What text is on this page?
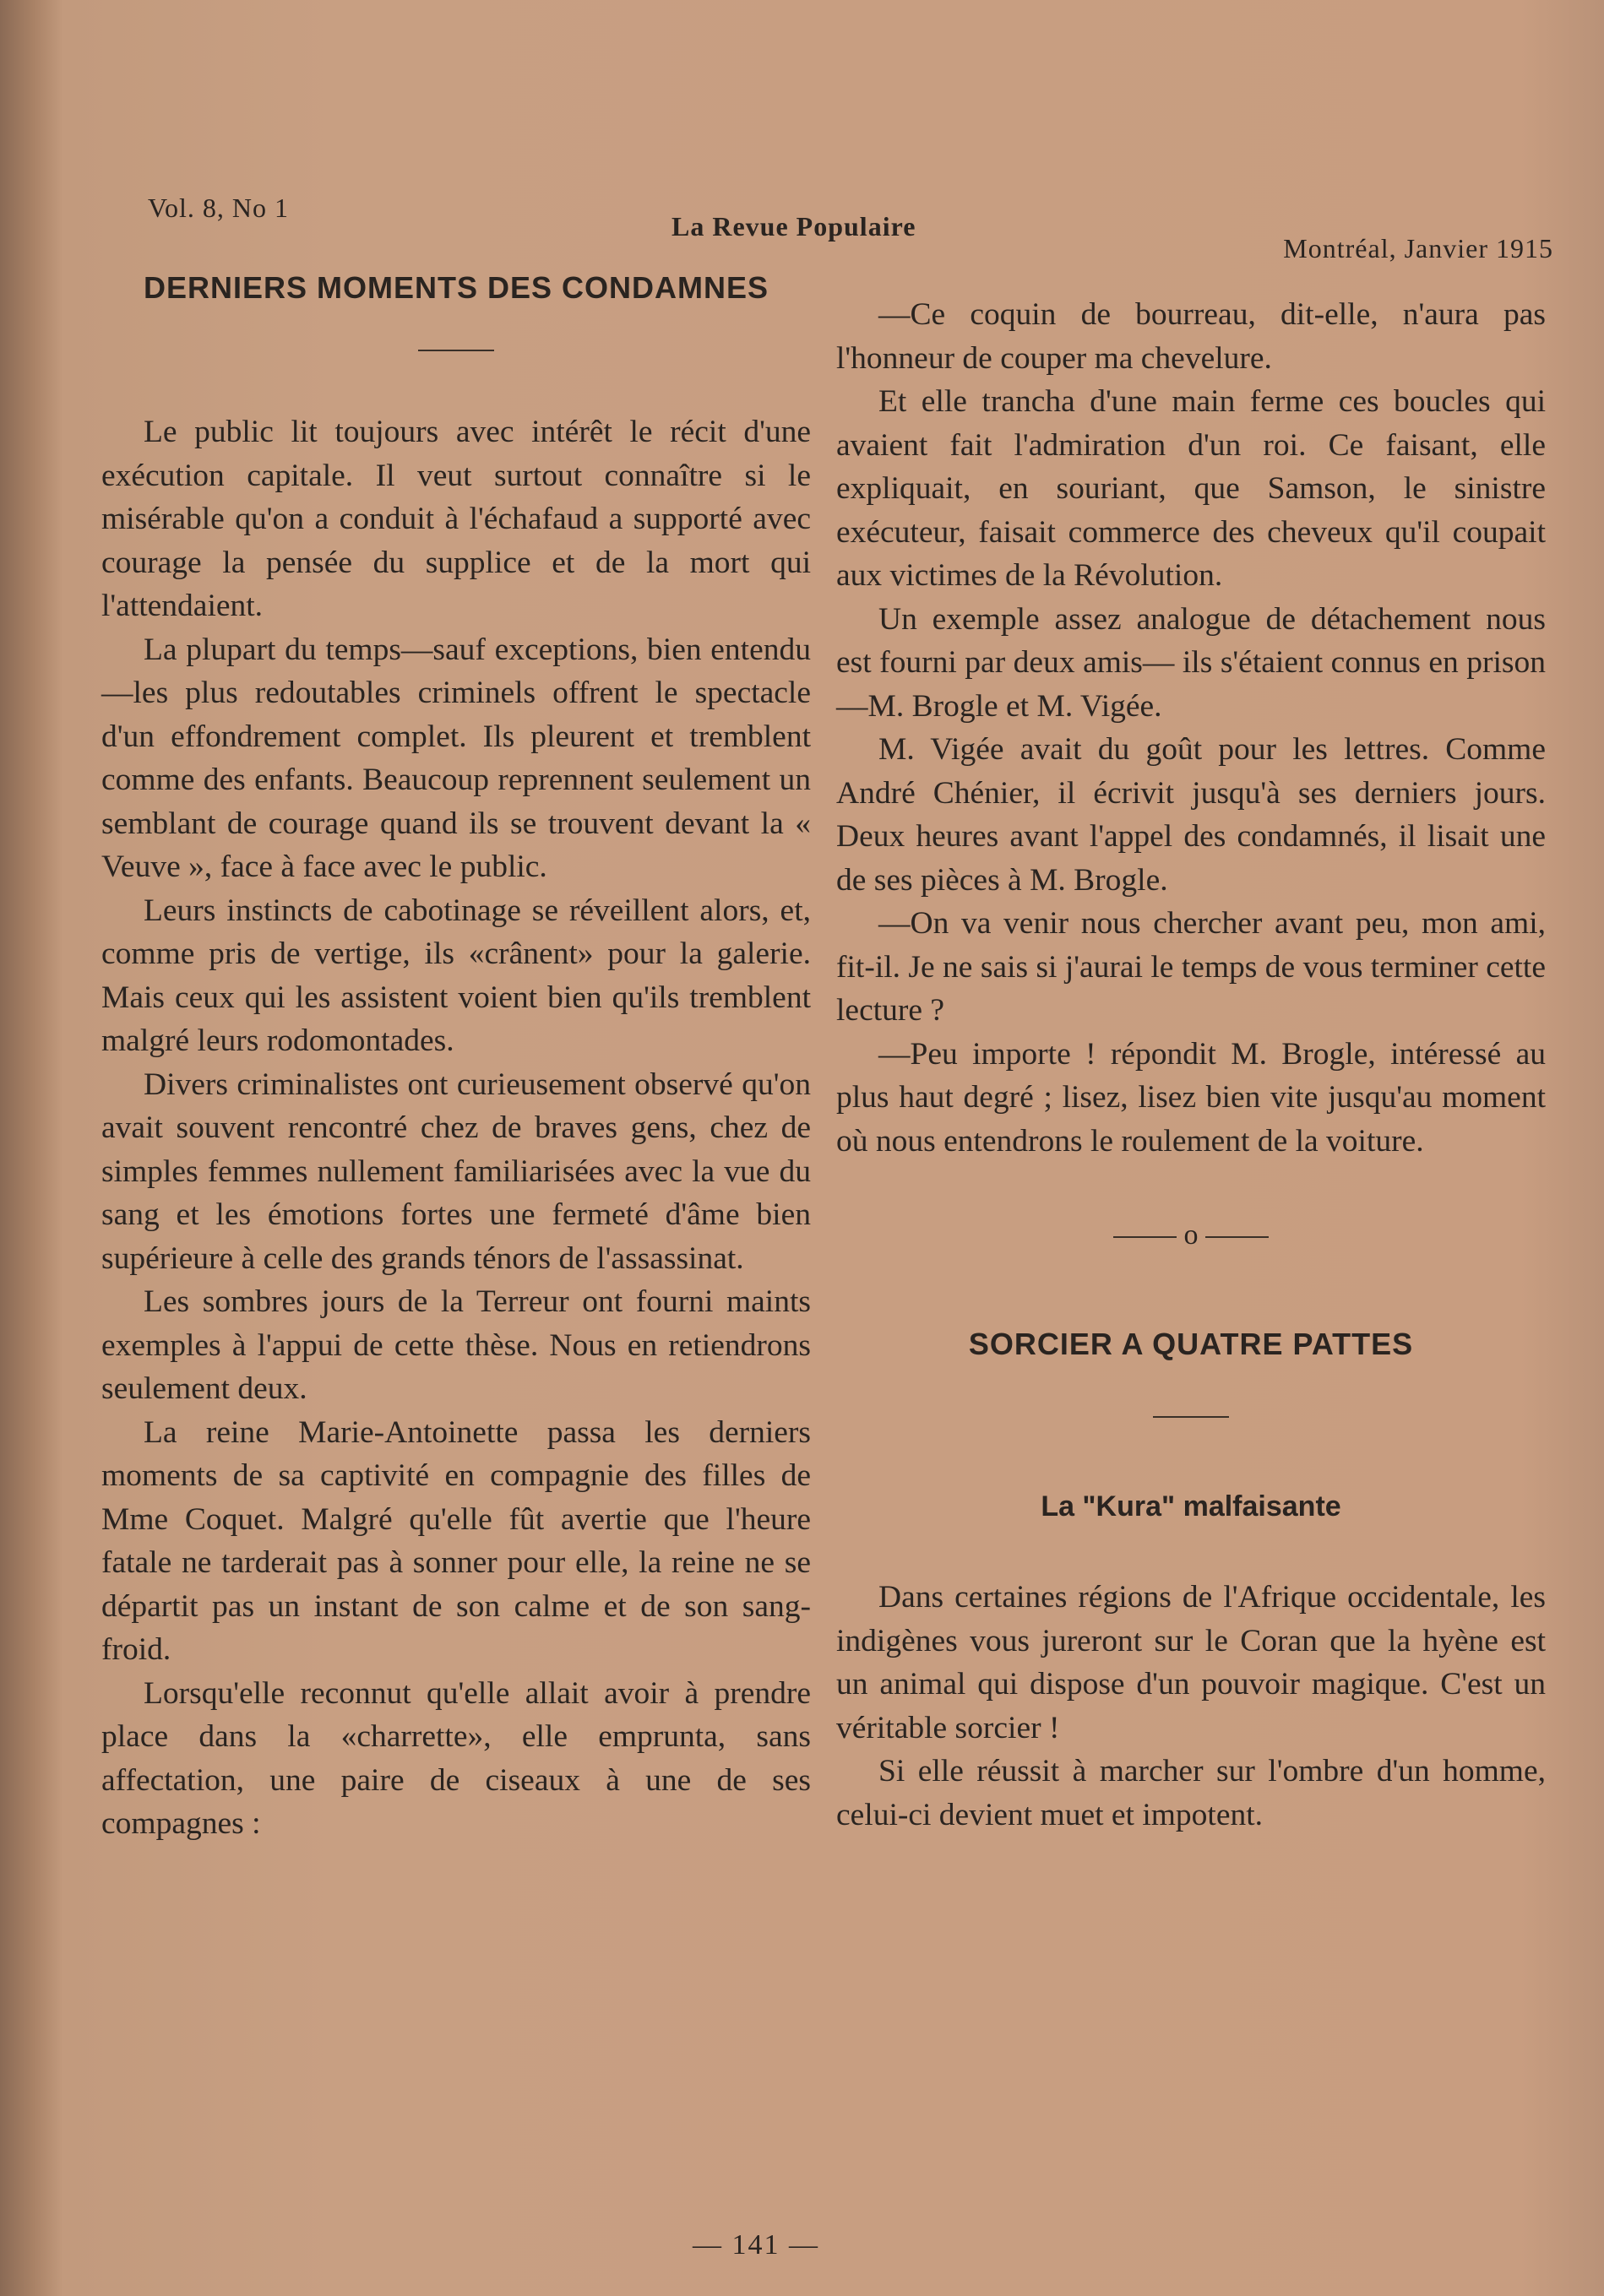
Vol. 8, No 1
La Revue Populaire
Montréal, Janvier 1915
DERNIERS MOMENTS DES CONDAMNES

Le public lit toujours avec intérêt le récit d'une exécution capitale. Il veut surtout connaître si le misérable qu'on a conduit à l'échafaud a supporté avec courage la pensée du supplice et de la mort qui l'attendaient.

La plupart du temps—sauf exceptions, bien entendu—les plus redoutables criminels offrent le spectacle d'un effondrement complet. Ils pleurent et tremblent comme des enfants. Beaucoup reprennent seulement un semblant de courage quand ils se trouvent devant la « Veuve », face à face avec le public.

Leurs instincts de cabotinage se réveillent alors, et, comme pris de vertige, ils «crânent» pour la galerie. Mais ceux qui les assistent voient bien qu'ils tremblent malgré leurs rodomontades.

Divers criminalistes ont curieusement observé qu'on avait souvent rencontré chez de braves gens, chez de simples femmes nullement familiarisées avec la vue du sang et les émotions fortes une fermeté d'âme bien supérieure à celle des grands ténors de l'assassinat.

Les sombres jours de la Terreur ont fourni maints exemples à l'appui de cette thèse. Nous en retiendrons seulement deux.

La reine Marie-Antoinette passa les derniers moments de sa captivité en compagnie des filles de Mme Coquet. Malgré qu'elle fût avertie que l'heure fatale ne tarderait pas à sonner pour elle, la reine ne se départit pas un instant de son calme et de son sang-froid.

Lorsqu'elle reconnut qu'elle allait avoir à prendre place dans la «charrette», elle emprunta, sans affectation, une paire de ciseaux à une de ses compagnes :

—Ce coquin de bourreau, dit-elle, n'aura pas l'honneur de couper ma chevelure.

Et elle trancha d'une main ferme ces boucles qui avaient fait l'admiration d'un roi. Ce faisant, elle expliquait, en souriant, que Samson, le sinistre exécuteur, faisait commerce des cheveux qu'il coupait aux victimes de la Révolution.

Un exemple assez analogue de détachement nous est fourni par deux amis— ils s'étaient connus en prison—M. Brogle et M. Vigée.

M. Vigée avait du goût pour les lettres. Comme André Chénier, il écrivit jusqu'à ses derniers jours. Deux heures avant l'appel des condamnés, il lisait une de ses pièces à M. Brogle.

—On va venir nous chercher avant peu, mon ami, fit-il. Je ne sais si j'aurai le temps de vous terminer cette lecture ?

—Peu importe ! répondit M. Brogle, intéressé au plus haut degré ; lisez, lisez bien vite jusqu'au moment où nous entendrons le roulement de la voiture.

o
SORCIER A QUATRE PATTES
La "Kura" malfaisante

Dans certaines régions de l'Afrique occidentale, les indigènes vous jureront sur le Coran que la hyène est un animal qui dispose d'un pouvoir magique. C'est un véritable sorcier !

Si elle réussit à marcher sur l'ombre d'un homme, celui-ci devient muet et impotent.

— 141 —
